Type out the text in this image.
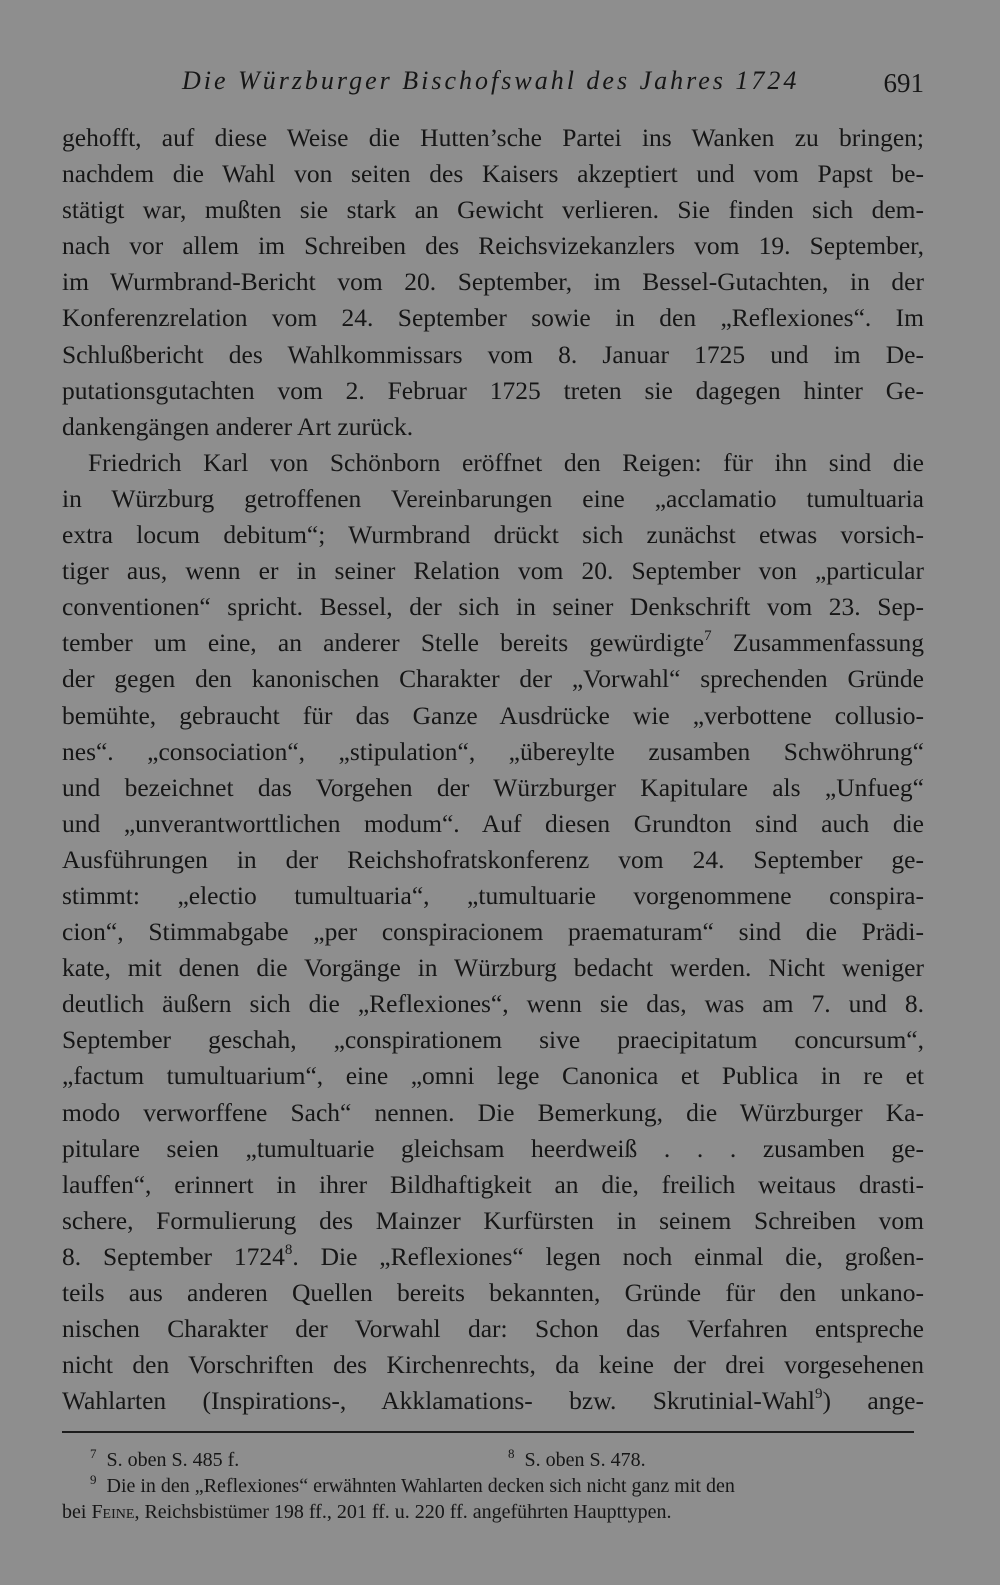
Die Würzburger Bischofswahl des Jahres 1724	691
gehofft, auf diese Weise die Hutten’sche Partei ins Wanken zu bringen;
nachdem die Wahl von seiten des Kaisers akzeptiert und vom Papst be-
stätigt war, mußten sie stark an Gewicht verlieren. Sie finden sich dem-
nach vor allem im Schreiben des Reichsvizekanzlers vom 19. September,
im Wurmbrand-Bericht vom 20. September, im Bessel-Gutachten, in der
Konferenzrelation vom 24. September sowie in den „Reflexiones“. Im
Schlußbericht des Wahlkommissars vom 8. Januar 1725 und im De-
putationsgutachten vom 2. Februar 1725 treten sie dagegen hinter Ge-
dankengängen anderer Art zurück.
Friedrich Karl von Schönborn eröffnet den Reigen: für ihn sind die
in Würzburg getroffenen Vereinbarungen eine „acclamatio tumultuaria
extra locum debitum“; Wurmbrand drückt sich zunächst etwas vorsich-
tiger aus, wenn er in seiner Relation vom 20. September von „particular
conventionen“ spricht. Bessel, der sich in seiner Denkschrift vom 23. Sep-
tember um eine, an anderer Stelle bereits gewürdigte$^7$ Zusammenfassung
der gegen den kanonischen Charakter der „Vorwahl“ sprechenden Gründe
bemühte, gebraucht für das Ganze Ausdrücke wie „verbottene collusio-
nes“. „consociation“, „stipulation“, „übereylte zusamben Schwöhrung“
und bezeichnet das Vorgehen der Würzburger Kapitulare als „Unfueg“
und „unverantworttlichen modum“. Auf diesen Grundton sind auch die
Ausführungen in der Reichshofratskonferenz vom 24. September ge-
stimmt: „electio tumultuaria“, „tumultuarie vorgenommene conspira-
cion“, Stimmabgabe „per conspiracionem praematuram“ sind die Prädi-
kate, mit denen die Vorgänge in Würzburg bedacht werden. Nicht weniger
deutlich äußern sich die „Reflexiones“, wenn sie das, was am 7. und 8.
September geschah, „conspirationem sive praecipitatum concursum“,
„factum tumultuarium“, eine „omni lege Canonica et Publica in re et
modo verworffene Sach“ nennen. Die Bemerkung, die Würzburger Ka-
pitulare seien „tumultuarie gleichsam heerdweiß . . . zusamben ge-
lauffen“, erinnert in ihrer Bildhaftigkeit an die, freilich weitaus drasti-
schere, Formulierung des Mainzer Kurfürsten in seinem Schreiben vom
8. September 1724$^8$. Die „Reflexiones“ legen noch einmal die, großen-
teils aus anderen Quellen bereits bekannten, Gründe für den unkano-
nischen Charakter der Vorwahl dar: Schon das Verfahren entspreche
nicht den Vorschriften des Kirchenrechts, da keine der drei vorgesehenen
Wahlarten (Inspirations-, Akklamations- bzw. Skrutinial-Wahl$^9$) ange-
$^7$ S. oben S. 485 f.	$^8$ S. oben S. 478.
$^9$ Die in den „Reflexiones“ erwähnten Wahlarten decken sich nicht ganz mit den
bei Feine, Reichsbistümer 198 ff., 201 ff. u. 220 ff. angeführten Haupttypen.
